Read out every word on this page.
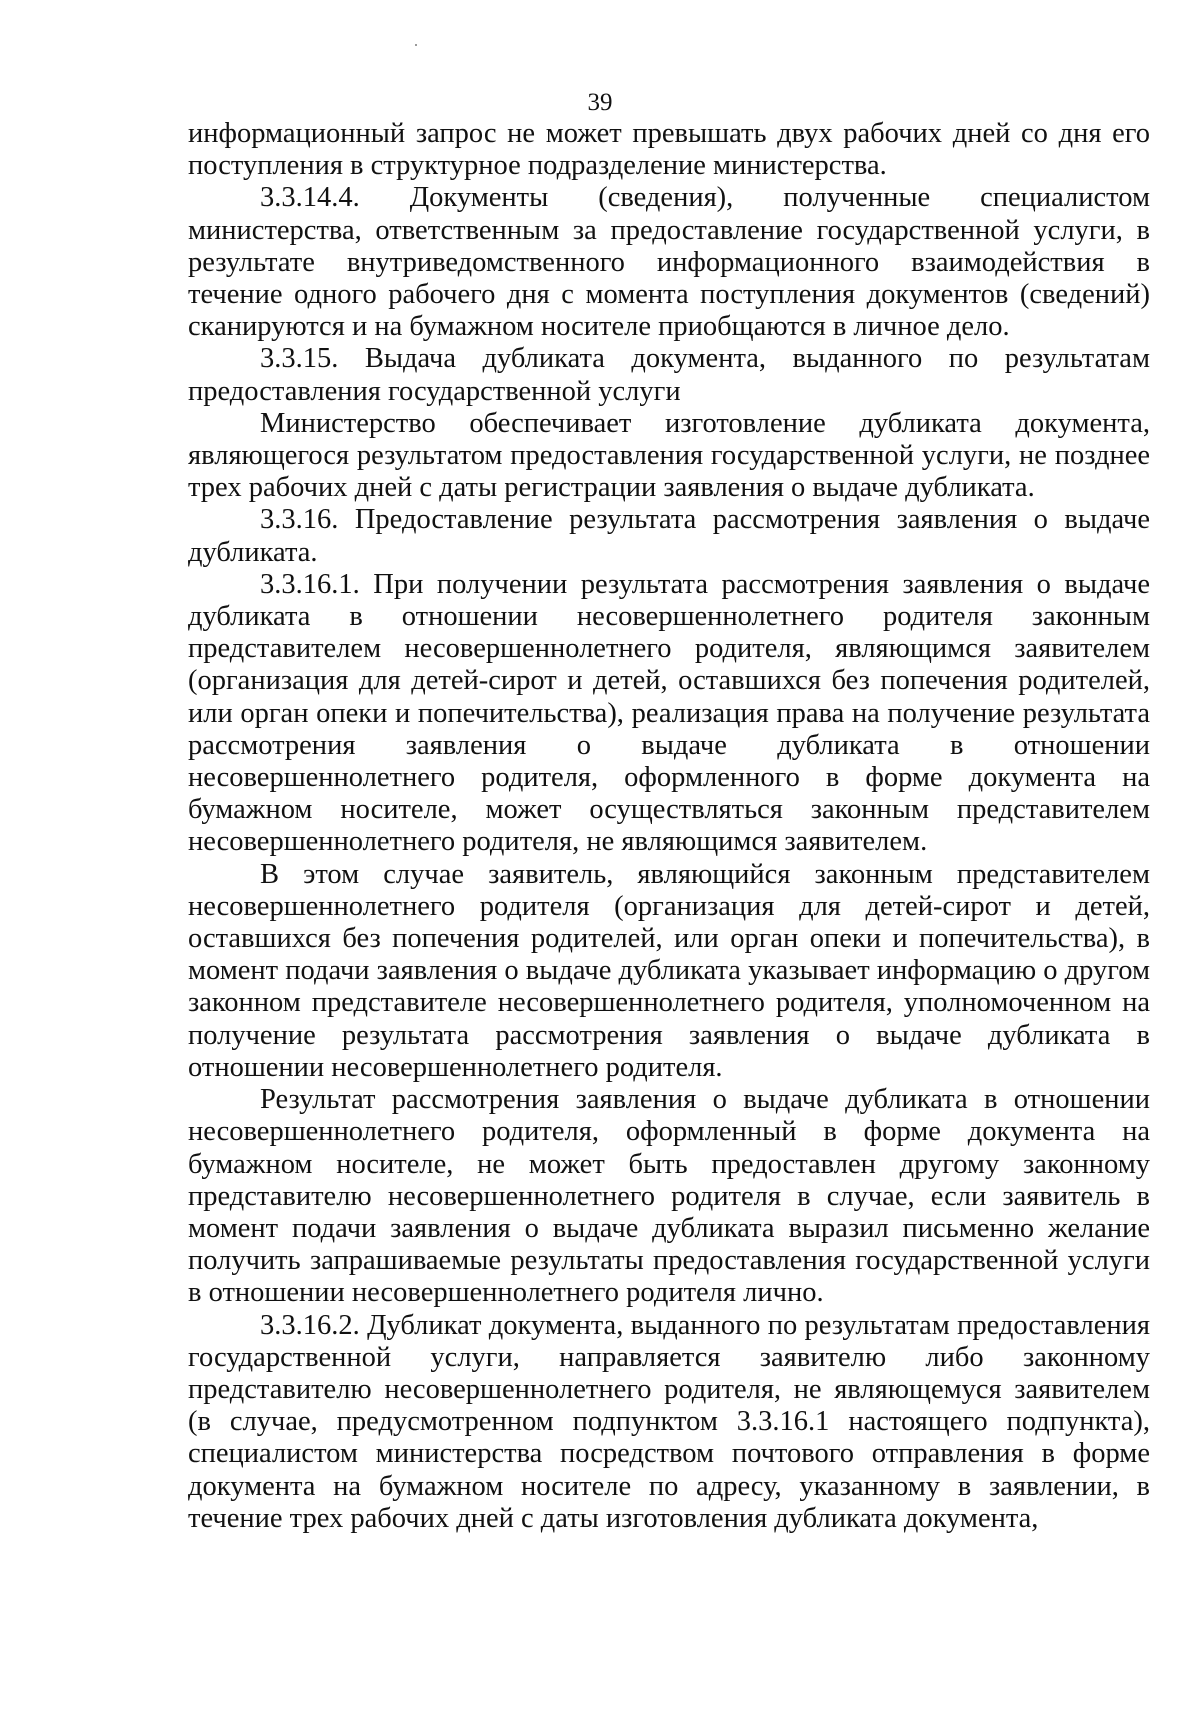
39

информационный запрос не может превышать двух рабочих дней со дня его поступления в структурное подразделение министерства.

3.3.14.4. Документы (сведения), полученные специалистом министерства, ответственным за предоставление государственной услуги, в результате внутриведомственного информационного взаимодействия в течение одного рабочего дня с момента поступления документов (сведений) сканируются и на бумажном носителе приобщаются в личное дело.

3.3.15. Выдача дубликата документа, выданного по результатам предоставления государственной услуги

Министерство обеспечивает изготовление дубликата документа, являющегося результатом предоставления государственной услуги, не позднее трех рабочих дней с даты регистрации заявления о выдаче дубликата.

3.3.16. Предоставление результата рассмотрения заявления о выдаче дубликата.

3.3.16.1. При получении результата рассмотрения заявления о выдаче дубликата в отношении несовершеннолетнего родителя законным представителем несовершеннолетнего родителя, являющимся заявителем (организация для детей-сирот и детей, оставшихся без попечения родителей, или орган опеки и попечительства), реализация права на получение результата рассмотрения заявления о выдаче дубликата в отношении несовершеннолетнего родителя, оформленного в форме документа на бумажном носителе, может осуществляться законным представителем несовершеннолетнего родителя, не являющимся заявителем.

В этом случае заявитель, являющийся законным представителем несовершеннолетнего родителя (организация для детей-сирот и детей, оставшихся без попечения родителей, или орган опеки и попечительства), в момент подачи заявления о выдаче дубликата указывает информацию о другом законном представителе несовершеннолетнего родителя, уполномоченном на получение результата рассмотрения заявления о выдаче дубликата в отношении несовершеннолетнего родителя.

Результат рассмотрения заявления о выдаче дубликата в отношении несовершеннолетнего родителя, оформленный в форме документа на бумажном носителе, не может быть предоставлен другому законному представителю несовершеннолетнего родителя в случае, если заявитель в момент подачи заявления о выдаче дубликата выразил письменно желание получить запрашиваемые результаты предоставления государственной услуги в отношении несовершеннолетнего родителя лично.

3.3.16.2. Дубликат документа, выданного по результатам предоставления государственной услуги, направляется заявителю либо законному представителю несовершеннолетнего родителя, не являющемуся заявителем (в случае, предусмотренном подпунктом 3.3.16.1 настоящего подпункта), специалистом министерства посредством почтового отправления в форме документа на бумажном носителе по адресу, указанному в заявлении, в течение трех рабочих дней с даты изготовления дубликата документа,
